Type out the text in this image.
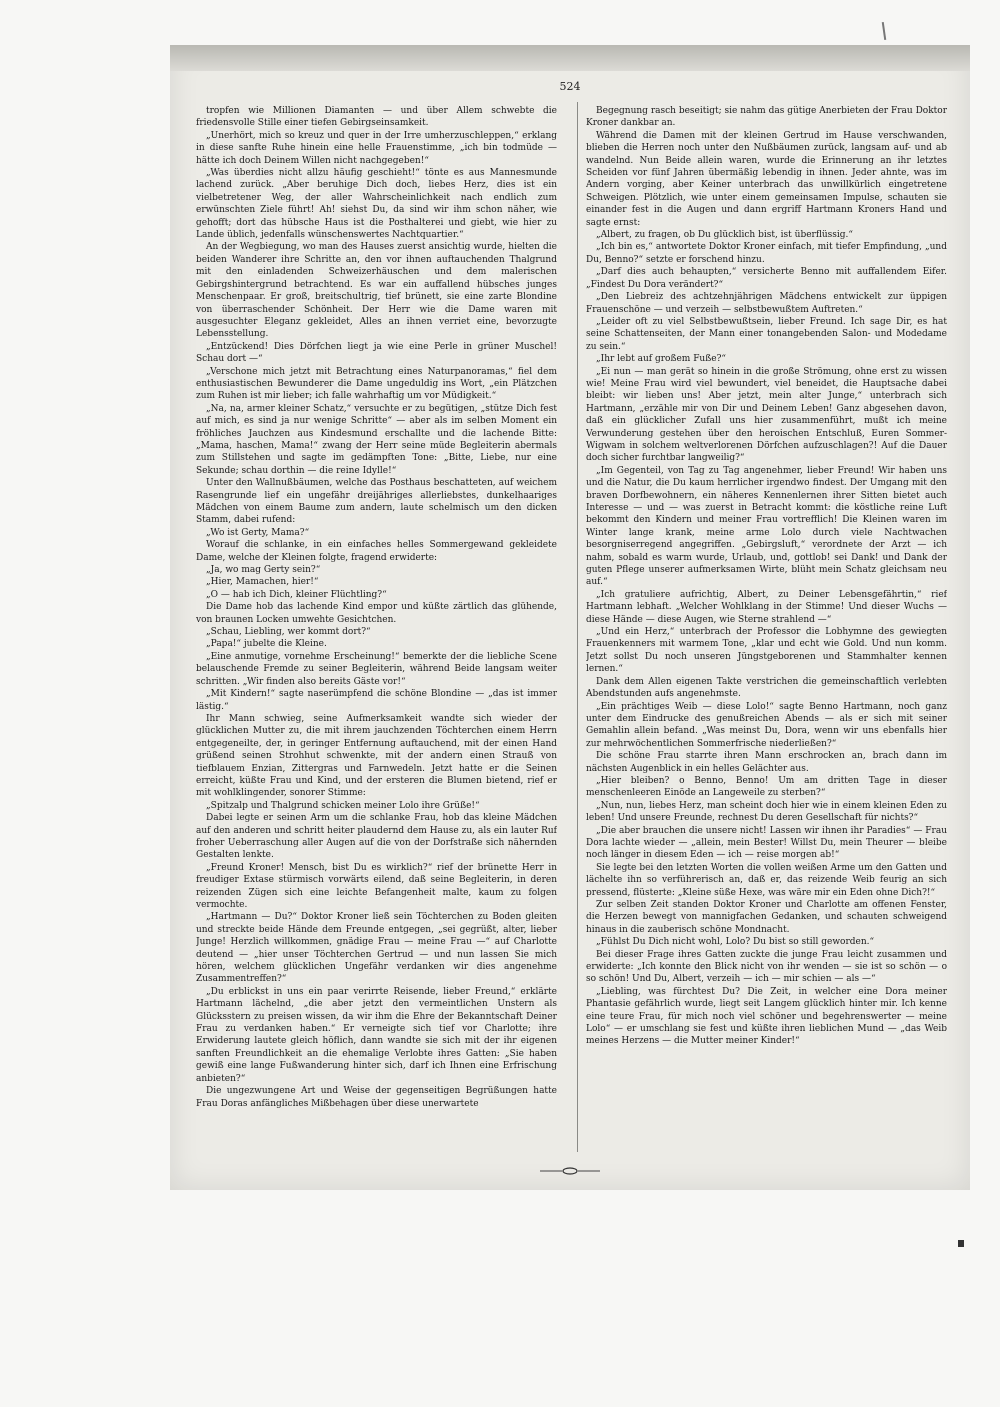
524

tropfen wie Millionen Diamanten — und über Allem schwebte die friedensvolle Stille einer tiefen Gebirgseinsamkeit.

„Unerhört, mich so kreuz und quer in der Irre umherzuschleppen,“ erklang in diese sanfte Ruhe hinein eine helle Frauenstimme, „ich bin todmüde — hätte ich doch Deinem Willen nicht nachgegeben!“

„Was überdies nicht allzu häufig geschieht!“ tönte es aus Mannesmunde lachend zurück. „Aber beruhige Dich doch, liebes Herz, dies ist ein vielbetretener Weg, der aller Wahrscheinlichkeit nach endlich zum erwünschten Ziele führt! Ah! siehst Du, da sind wir ihm schon näher, wie gehofft; dort das hübsche Haus ist die Posthalterei und giebt, wie hier zu Lande üblich, jedenfalls wünschenswertes Nachtquartier.“

An der Wegbiegung, wo man des Hauses zuerst ansichtig wurde, hielten die beiden Wanderer ihre Schritte an, den vor ihnen auftauchenden Thalgrund mit den einladenden Schweizerhäuschen und dem malerischen Gebirgshintergrund betrachtend. Es war ein auffallend hübsches junges Menschenpaar. Er groß, breitschultrig, tief brünett, sie eine zarte Blondine von überraschender Schönheit. Der Herr wie die Dame waren mit ausgesuchter Eleganz gekleidet, Alles an ihnen verriet eine, bevorzugte Lebensstellung.

„Entzückend! Dies Dörfchen liegt ja wie eine Perle in grüner Muschel! Schau dort —“

„Verschone mich jetzt mit Betrachtung eines Naturpanoramas,“ fiel dem enthusiastischen Bewunderer die Dame ungeduldig ins Wort, „ein Plätzchen zum Ruhen ist mir lieber; ich falle wahrhaftig um vor Müdigkeit.“

„Na, na, armer kleiner Schatz,“ versuchte er zu begütigen, „stütze Dich fest auf mich, es sind ja nur wenige Schritte“ — aber als im selben Moment ein fröhliches Jauchzen aus Kindesmund erschallte und die lachende Bitte: „Mama, haschen, Mama!“ zwang der Herr seine müde Begleiterin abermals zum Stillstehen und sagte im gedämpften Tone: „Bitte, Liebe, nur eine Sekunde; schau dorthin — die reine Idylle!“

Unter den Wallnußbäumen, welche das Posthaus beschatteten, auf weichem Rasengrunde lief ein ungefähr dreijähriges allerliebstes, dunkelhaariges Mädchen von einem Baume zum andern, laute schelmisch um den dicken Stamm, dabei rufend:

„Wo ist Gerty, Mama?“

Worauf die schlanke, in ein einfaches helles Sommergewand gekleidete Dame, welche der Kleinen folgte, fragend erwiderte:

„Ja, wo mag Gerty sein?“

„Hier, Mamachen, hier!“

„O — hab ich Dich, kleiner Flüchtling?“

Die Dame hob das lachende Kind empor und küßte zärtlich das glühende, von braunen Locken umwehte Gesichtchen.

„Schau, Liebling, wer kommt dort?“

„Papa!“ jubelte die Kleine.

„Eine anmutige, vornehme Erscheinung!“ bemerkte der die liebliche Scene belauschende Fremde zu seiner Begleiterin, während Beide langsam weiter schritten. „Wir finden also bereits Gäste vor!“

„Mit Kindern!“ sagte naserümpfend die schöne Blondine — „das ist immer lästig.“

Ihr Mann schwieg, seine Aufmerksamkeit wandte sich wieder der glücklichen Mutter zu, die mit ihrem jauchzenden Töchterchen einem Herrn entgegeneilte, der, in geringer Entfernung auftauchend, mit der einen Hand grüßend seinen Strohhut schwenkte, mit der andern einen Strauß von tiefblauem Enzian, Zittergras und Farnwedeln. Jetzt hatte er die Seinen erreicht, küßte Frau und Kind, und der ersteren die Blumen bietend, rief er mit wohlklingender, sonorer Stimme:

„Spitzalp und Thalgrund schicken meiner Lolo ihre Grüße!“

Dabei legte er seinen Arm um die schlanke Frau, hob das kleine Mädchen auf den anderen und schritt heiter plaudernd dem Hause zu, als ein lauter Ruf froher Ueberraschung aller Augen auf die von der Dorfstraße sich nähernden Gestalten lenkte.

„Freund Kroner! Mensch, bist Du es wirklich?“ rief der brünette Herr in freudiger Extase stürmisch vorwärts eilend, daß seine Begleiterin, in deren reizenden Zügen sich eine leichte Befangenheit malte, kaum zu folgen vermochte.

„Hartmann — Du?“ Doktor Kroner ließ sein Töchterchen zu Boden gleiten und streckte beide Hände dem Freunde entgegen, „sei gegrüßt, alter, lieber Junge! Herzlich willkommen, gnädige Frau — meine Frau —“ auf Charlotte deutend — „hier unser Töchterchen Gertrud — und nun lassen Sie mich hören, welchem glücklichen Ungefähr verdanken wir dies angenehme Zusammentreffen?“

„Du erblickst in uns ein paar verirrte Reisende, lieber Freund,“ erklärte Hartmann lächelnd, „die aber jetzt den vermeintlichen Unstern als Glücksstern zu preisen wissen, da wir ihm die Ehre der Bekanntschaft Deiner Frau zu verdanken haben.“ Er verneigte sich tief vor Charlotte; ihre Erwiderung lautete gleich höflich, dann wandte sie sich mit der ihr eigenen sanften Freundlichkeit an die ehemalige Verlobte ihres Gatten: „Sie haben gewiß eine lange Fußwanderung hinter sich, darf ich Ihnen eine Erfrischung anbieten?“

Die ungezwungene Art und Weise der gegenseitigen Begrüßungen hatte Frau Doras anfängliches Mißbehagen über diese unerwartete

Begegnung rasch beseitigt; sie nahm das gütige Anerbieten der Frau Doktor Kroner dankbar an.

Während die Damen mit der kleinen Gertrud im Hause verschwanden, blieben die Herren noch unter den Nußbäumen zurück, langsam auf- und ab wandelnd. Nun Beide allein waren, wurde die Erinnerung an ihr letztes Scheiden vor fünf Jahren übermäßig lebendig in ihnen. Jeder ahnte, was im Andern vorging, aber Keiner unterbrach das unwillkürlich eingetretene Schweigen. Plötzlich, wie unter einem gemeinsamen Impulse, schauten sie einander fest in die Augen und dann ergriff Hartmann Kroners Hand und sagte ernst:

„Albert, zu fragen, ob Du glücklich bist, ist überflüssig.“

„Ich bin es,“ antwortete Doktor Kroner einfach, mit tiefer Empfindung, „und Du, Benno?“ setzte er forschend hinzu.

„Darf dies auch behaupten,“ versicherte Benno mit auffallendem Eifer. „Findest Du Dora verändert?“

„Den Liebreiz des achtzehnjährigen Mädchens entwickelt zur üppigen Frauenschöne — und verzeih — selbstbewußtem Auftreten.“

„Leider oft zu viel Selbstbewußtsein, lieber Freund. Ich sage Dir, es hat seine Schattenseiten, der Mann einer tonangebenden Salon- und Modedame zu sein.“

„Ihr lebt auf großem Fuße?“

„Ei nun — man gerät so hinein in die große Strömung, ohne erst zu wissen wie! Meine Frau wird viel bewundert, viel beneidet, die Hauptsache dabei bleibt: wir lieben uns! Aber jetzt, mein alter Junge,“ unterbrach sich Hartmann, „erzähle mir von Dir und Deinem Leben! Ganz abgesehen davon, daß ein glücklicher Zufall uns hier zusammenführt, mußt ich meine Verwunderung gestehen über den heroischen Entschluß, Euren Sommer-Wigwam in solchem weltverlorenen Dörfchen aufzuschlagen?! Auf die Dauer doch sicher furchtbar langweilig?“

„Im Gegenteil, von Tag zu Tag angenehmer, lieber Freund! Wir haben uns und die Natur, die Du kaum herrlicher irgendwo findest. Der Umgang mit den braven Dorfbewohnern, ein näheres Kennenlernen ihrer Sitten bietet auch Interesse — und — was zuerst in Betracht kommt: die köstliche reine Luft bekommt den Kindern und meiner Frau vortrefflich! Die Kleinen waren im Winter lange krank, meine arme Lolo durch viele Nachtwachen besorgniserregend angegriffen. „Gebirgsluft,“ verordnete der Arzt — ich nahm, sobald es warm wurde, Urlaub, und, gottlob! sei Dank! und Dank der guten Pflege unserer aufmerksamen Wirte, blüht mein Schatz gleichsam neu auf.“

„Ich gratuliere aufrichtig, Albert, zu Deiner Lebensgefährtin,“ rief Hartmann lebhaft. „Welcher Wohlklang in der Stimme! Und dieser Wuchs — diese Hände — diese Augen, wie Sterne strahlend —“

„Und ein Herz,“ unterbrach der Professor die Lobhymne des gewiegten Frauenkenners mit warmem Tone, „klar und echt wie Gold. Und nun komm. Jetzt sollst Du noch unseren Jüngstgeborenen und Stammhalter kennen lernen.“

Dank dem Allen eigenen Takte verstrichen die gemeinschaftlich verlebten Abendstunden aufs angenehmste.

„Ein prächtiges Weib — diese Lolo!“ sagte Benno Hartmann, noch ganz unter dem Eindrucke des genußreichen Abends — als er sich mit seiner Gemahlin allein befand. „Was meinst Du, Dora, wenn wir uns ebenfalls hier zur mehrwöchentlichen Sommerfrische niederließen?“

Die schöne Frau starrte ihren Mann erschrocken an, brach dann im nächsten Augenblick in ein helles Gelächter aus.

„Hier bleiben? o Benno, Benno! Um am dritten Tage in dieser menschenleeren Einöde an Langeweile zu sterben?“

„Nun, nun, liebes Herz, man scheint doch hier wie in einem kleinen Eden zu leben! Und unsere Freunde, rechnest Du deren Gesellschaft für nichts?“

„Die aber brauchen die unsere nicht! Lassen wir ihnen ihr Paradies“ — Frau Dora lachte wieder — „allein, mein Bester! Willst Du, mein Theurer — bleibe noch länger in diesem Eden — ich — reise morgen ab!“

Sie legte bei den letzten Worten die vollen weißen Arme um den Gatten und lächelte ihn so verführerisch an, daß er, das reizende Weib feurig an sich pressend, flüsterte: „Kleine süße Hexe, was wäre mir ein Eden ohne Dich?!“

Zur selben Zeit standen Doktor Kroner und Charlotte am offenen Fenster, die Herzen bewegt von mannigfachen Gedanken, und schauten schweigend hinaus in die zauberisch schöne Mondnacht.

„Fühlst Du Dich nicht wohl, Lolo? Du bist so still geworden.“

Bei dieser Frage ihres Gatten zuckte die junge Frau leicht zusammen und erwiderte: „Ich konnte den Blick nicht von ihr wenden — sie ist so schön — o so schön! Und Du, Albert, verzeih — ich — mir schien — als —“

„Liebling, was fürchtest Du? Die Zeit, in welcher eine Dora meiner Phantasie gefährlich wurde, liegt seit Langem glücklich hinter mir. Ich kenne eine teure Frau, für mich noch viel schöner und begehrenswerter — meine Lolo“ — er umschlang sie fest und küßte ihren lieblichen Mund — „das Weib meines Herzens — die Mutter meiner Kinder!“
